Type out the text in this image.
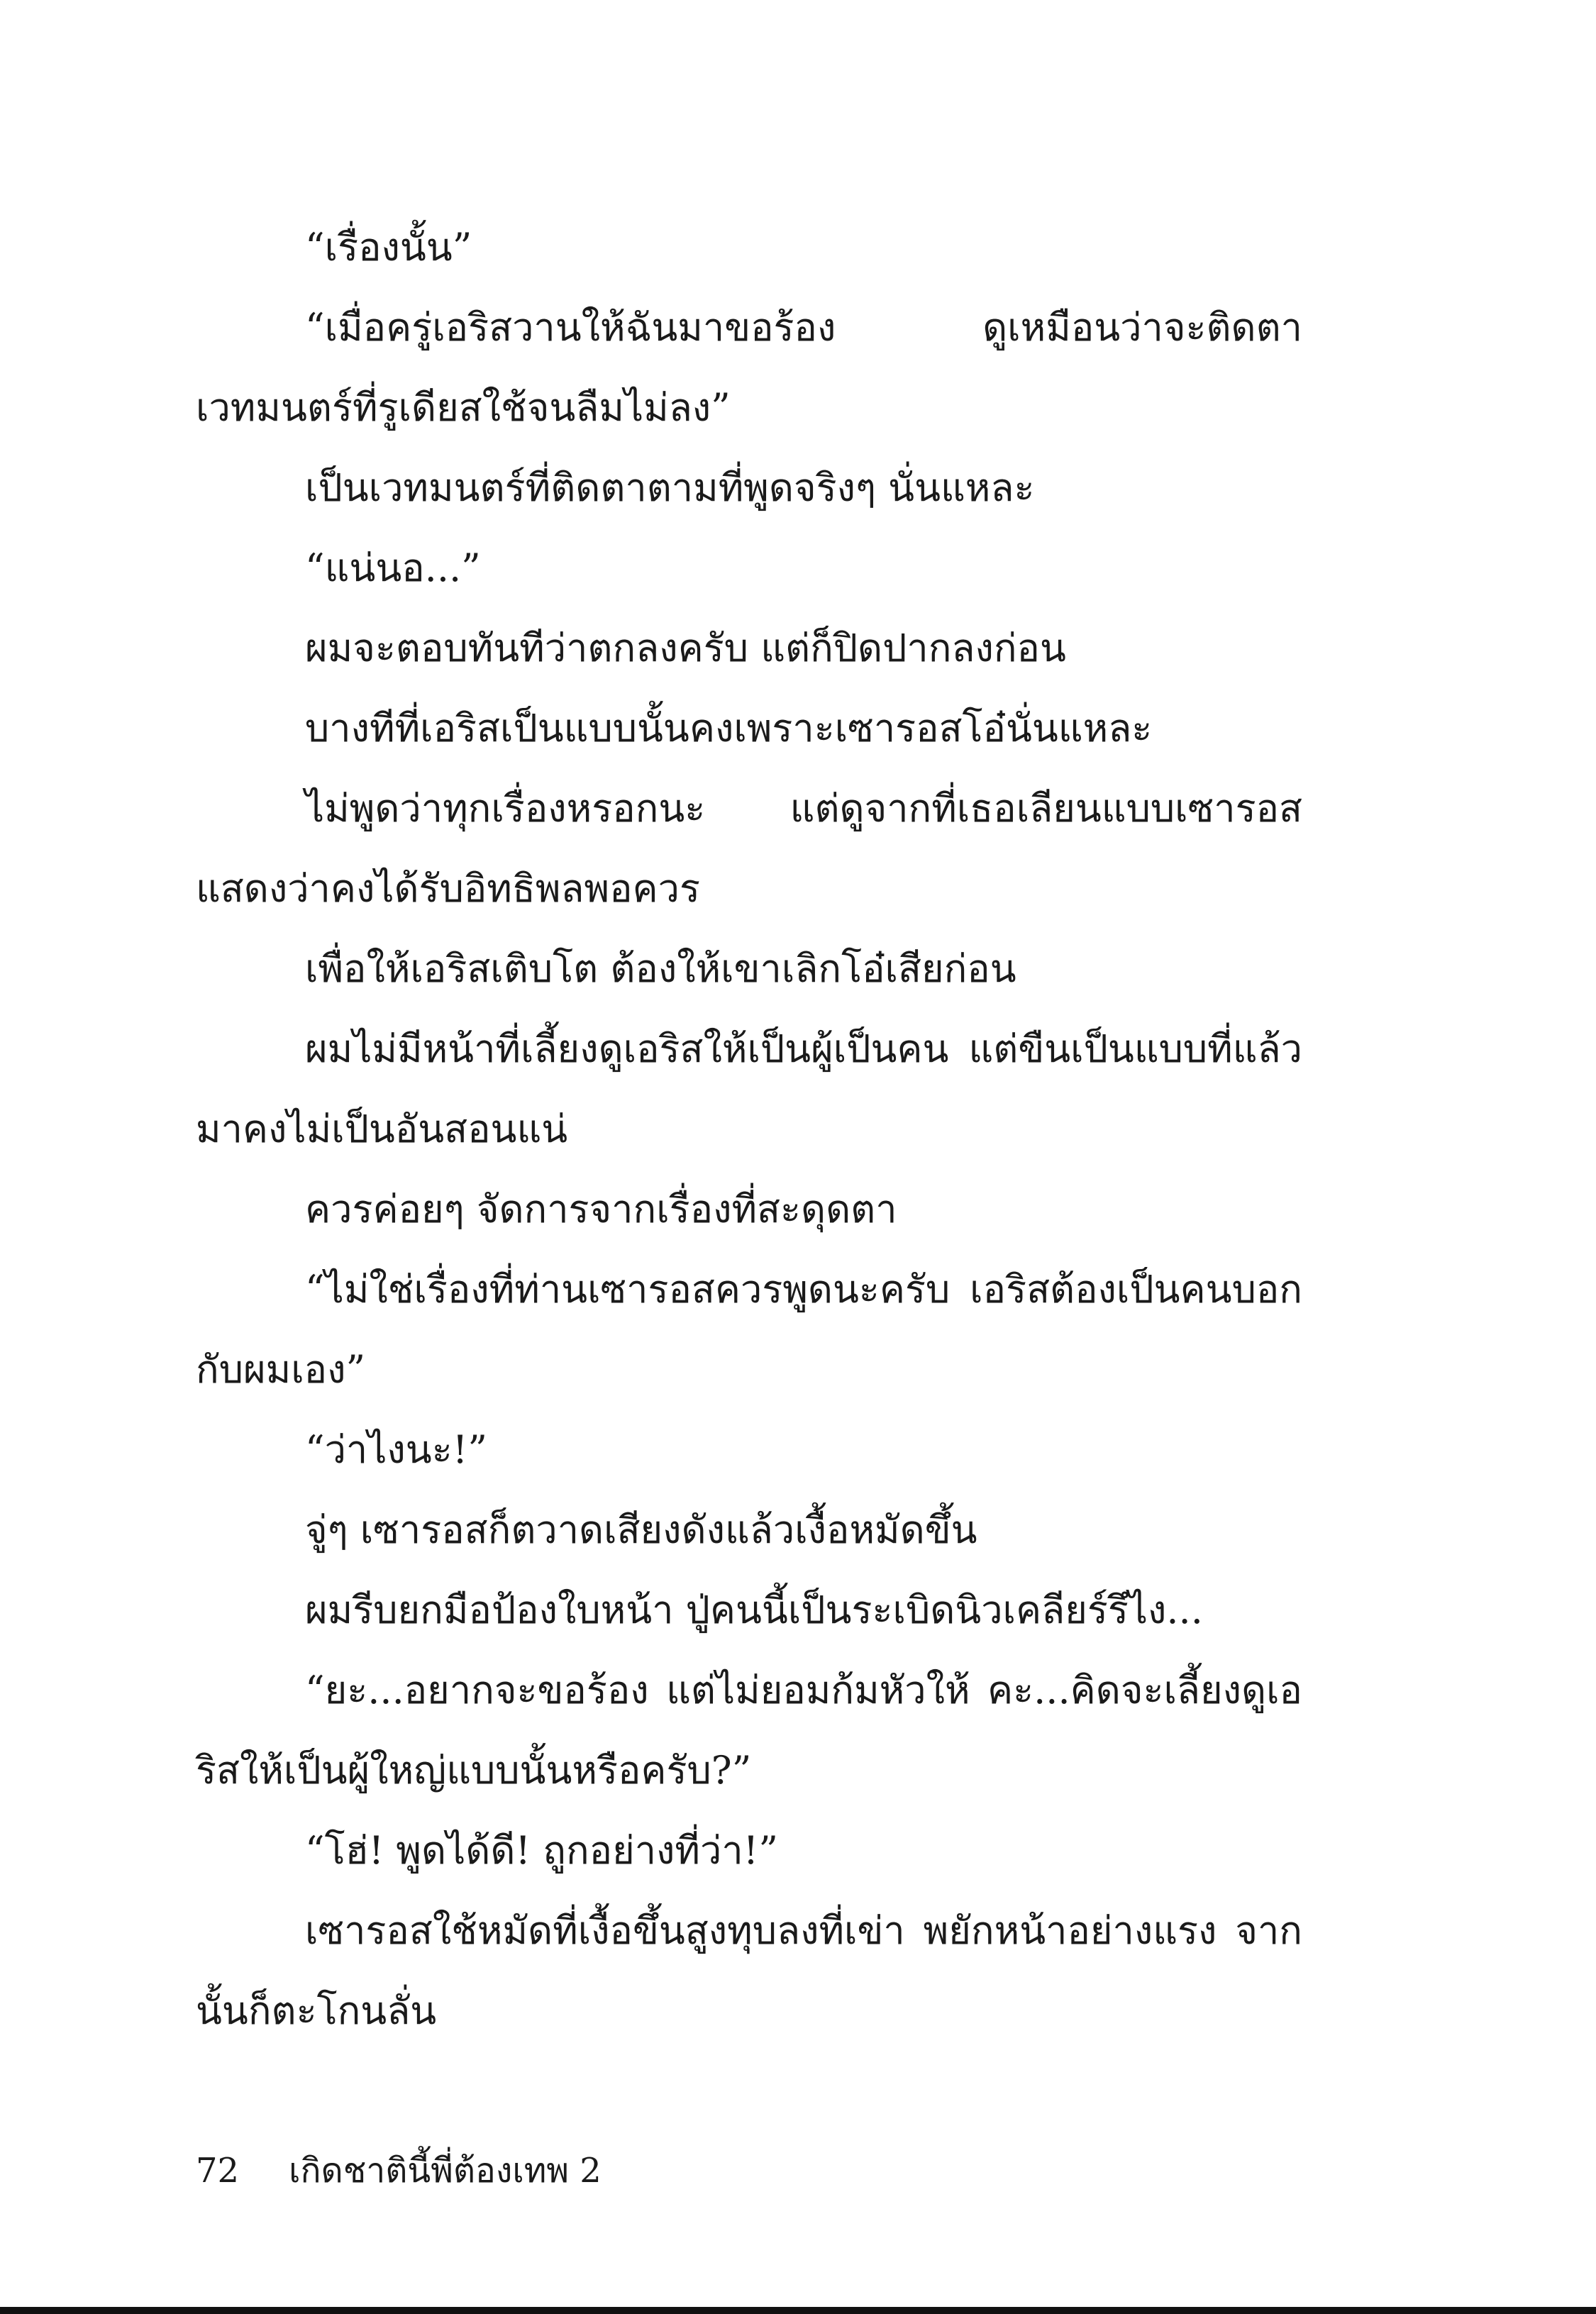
“เรื่องนั้น”

“เมื่อครู่เอริสวานให้ฉันมาขอร้อง ดูเหมือนว่าจะติดตาเวทมนตร์ที่รูเดียสใช้จนลืมไม่ลง”

เป็นเวทมนตร์ที่ติดตาตามที่พูดจริงๆ นั่นแหละ

“แน่นอ...”

ผมจะตอบทันทีว่าตกลงครับ แต่ก็ปิดปากลงก่อน

บางทีที่เอริสเป็นแบบนั้นคงเพราะเซารอสโอ๋นั่นแหละ

ไม่พูดว่าทุกเรื่องหรอกนะ แต่ดูจากที่เธอเลียนแบบเซารอส แสดงว่าคงได้รับอิทธิพลพอควร

เพื่อให้เอริสเติบโต ต้องให้เขาเลิกโอ๋เสียก่อน

ผมไม่มีหน้าที่เลี้ยงดูเอริสให้เป็นผู้เป็นคน แต่ขืนเป็นแบบที่แล้วมาคงไม่เป็นอันสอนแน่

ควรค่อยๆ จัดการจากเรื่องที่สะดุดตา

“ไม่ใช่เรื่องที่ท่านเซารอสควรพูดนะครับ เอริสต้องเป็นคนบอกกับผมเอง”

“ว่าไงนะ!”

จู่ๆ เซารอสก็ตวาดเสียงดังแล้วเงื้อหมัดขึ้น

ผมรีบยกมือป้องใบหน้า ปู่คนนี้เป็นระเบิดนิวเคลียร์รึไง...

“ยะ...อยากจะขอร้อง แต่ไม่ยอมก้มหัวให้ คะ...คิดจะเลี้ยงดูเอริสให้เป็นผู้ใหญ่แบบนั้นหรือครับ?”

“โฮ่! พูดได้ดี! ถูกอย่างที่ว่า!”

เซารอสใช้หมัดที่เงื้อขึ้นสูงทุบลงที่เข่า พยักหน้าอย่างแรง จากนั้นก็ตะโกนลั่น

72 เกิดชาตินี้พี่ต้องเทพ 2
